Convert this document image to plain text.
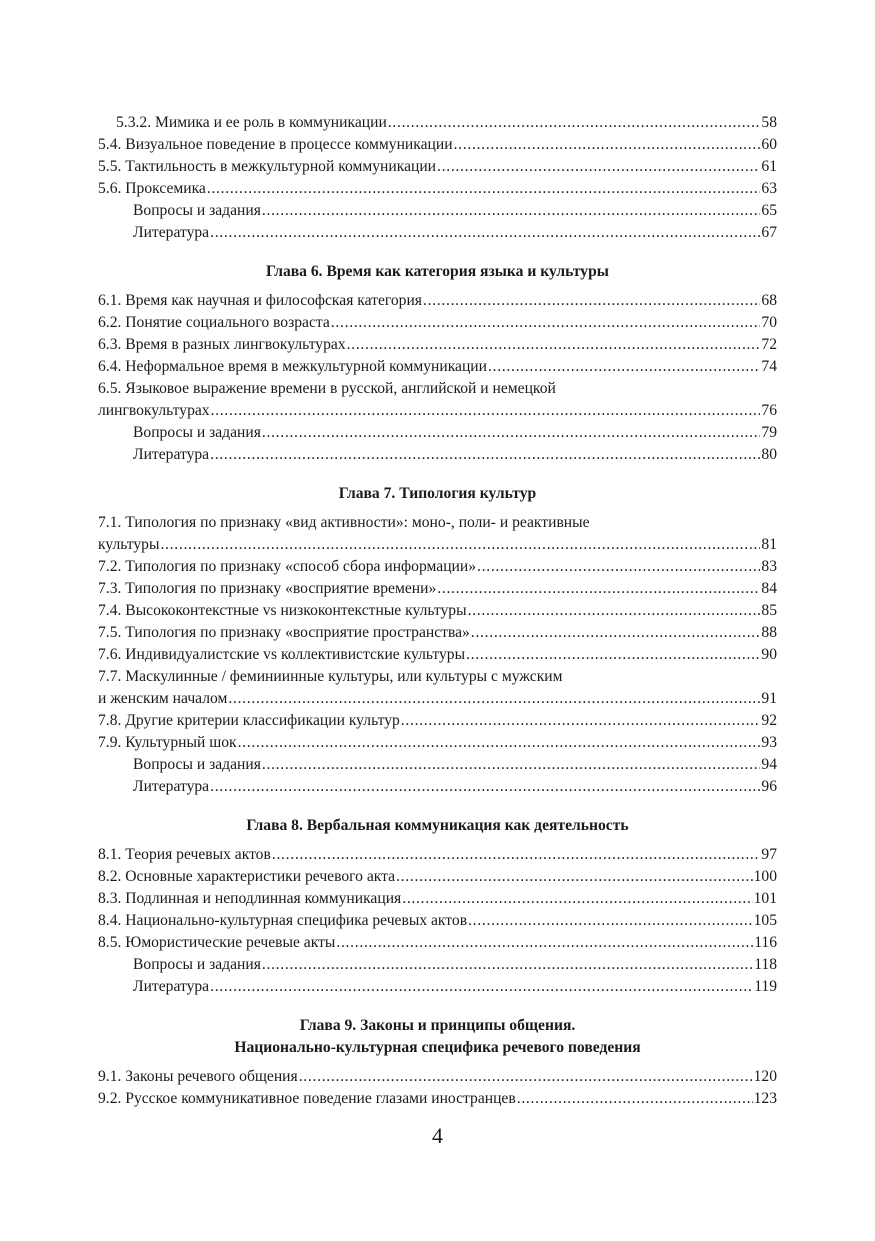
5.3.2. Мимика и ее роль в коммуникации . . .	58
5.4. Визуальное поведение в процессе коммуникации . . .	60
5.5. Тактильность в межкультурной коммуникации . . .	61
5.6. Проксемика . . .	63
Вопросы и задания . . .	65
Литература . . .	67
Глава 6. Время как категория языка и культуры
6.1. Время как научная и философская категория . . .	68
6.2. Понятие социального возраста . . .	70
6.3. Время в разных лингвокультурах . . .	72
6.4. Неформальное время в межкультурной коммуникации . . .	74
6.5. Языковое выражение времени в русской, английской и немецкой
лингвокультурах . . .	76
Вопросы и задания . . .	79
Литература . . .	80
Глава 7. Типология культур
7.1. Типология по признаку «вид активности»: моно-, поли- и реактивные
культуры . . .	81
7.2. Типология по признаку «способ сбора информации» . . .	83
7.3. Типология по признаку «восприятие времени» . . .	84
7.4. Высококонтекстные vs низкоконтекстные культуры . . .	85
7.5. Типология по признаку «восприятие пространства» . . .	88
7.6. Индивидуалистские vs коллективистские культуры . . .	90
7.7. Маскулинные / феминиинные культуры, или культуры с мужским
и женским началом . . .	91
7.8. Другие критерии классификации культур . . .	92
7.9. Культурный шок . . .	93
Вопросы и задания . . .	94
Литература . . .	96
Глава 8. Вербальная коммуникация как деятельность
8.1. Теория речевых актов . . .	97
8.2. Основные характеристики речевого акта . . .	100
8.3. Подлинная и неподлинная коммуникация . . .	101
8.4. Национально-культурная специфика речевых актов . . .	105
8.5. Юмористические речевые акты . . .	116
Вопросы и задания . . .	118
Литература . . .	119
Глава 9. Законы и принципы общения.
Национально-культурная специфика речевого поведения
9.1. Законы речевого общения . . .	120
9.2. Русское коммуникативное поведение глазами иностранцев . . .	123
4
